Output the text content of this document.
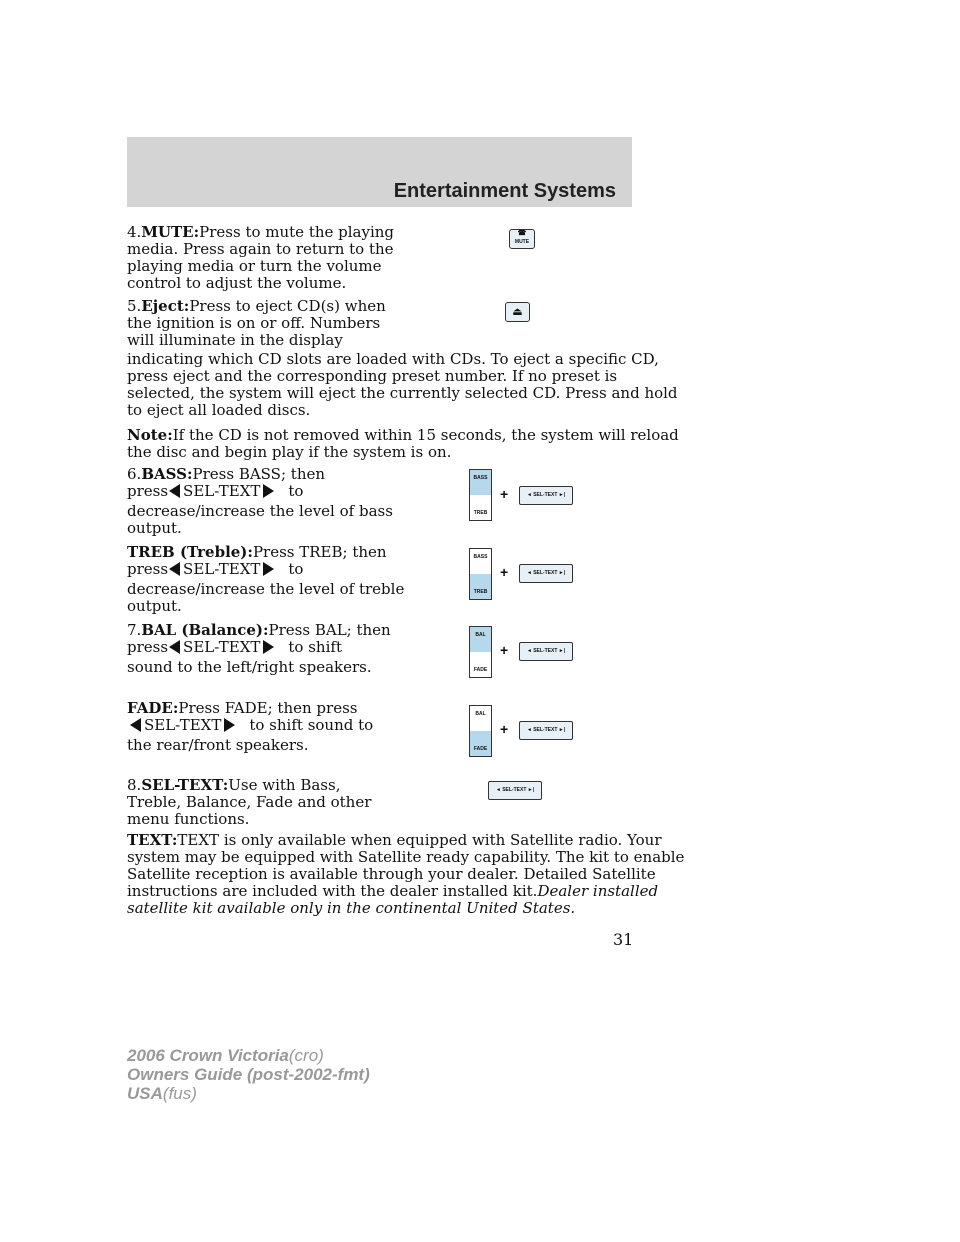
Entertainment Systems
4.MUTE:Press to mute the playing
media. Press again to return to the
playing media or turn the volume
control to adjust the volume.
☎
MUTE
5.Eject:Press to eject CD(s) when
the ignition is on or off. Numbers
will illuminate in the display
indicating which CD slots are loaded with CDs. To eject a specific CD,
press eject and the corresponding preset number. If no preset is
selected, the system will eject the currently selected CD. Press and hold
to eject all loaded discs.
⏏
Note:If the CD is not removed within 15 seconds, the system will reload
the disc and begin play if the system is on.
6.BASS:Press BASS; then
press SEL-TEXT to
decrease/increase the level of bass
output.
BASS
TREB
+	◄ SEL-TEXT ►|
TREB (Treble):Press TREB; then
press SEL-TEXT to
decrease/increase the level of treble
output.
BASS
TREB
+	◄ SEL-TEXT ►|
7.BAL (Balance):Press BAL; then
press SEL-TEXT to shift
sound to the left/right speakers.
BAL
FADE
+	◄ SEL-TEXT ►|
FADE:Press FADE; then press
SEL-TEXT to shift sound to
the rear/front speakers.
BAL
FADE
+	◄ SEL-TEXT ►|
8.SEL-TEXT:Use with Bass,
Treble, Balance, Fade and other
menu functions.
◄ SEL-TEXT ►|
TEXT:TEXT is only available when equipped with Satellite radio. Your
system may be equipped with Satellite ready capability. The kit to enable
Satellite reception is available through your dealer. Detailed Satellite
instructions are included with the dealer installed kit.Dealer installed
satellite kit available only in the continental United States.
31
2006 Crown Victoria(cro)
Owners Guide (post-2002-fmt)
USA(fus)
